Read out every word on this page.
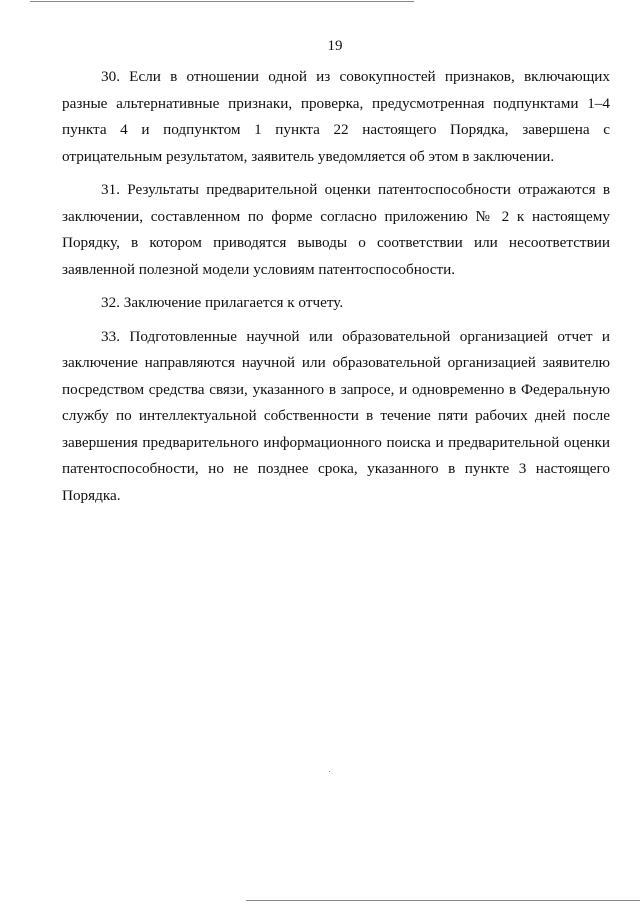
19

30. Если в отношении одной из совокупностей признаков, включающих разные альтернативные признаки, проверка, предусмотренная подпунктами 1–4 пункта 4 и подпунктом 1 пункта 22 настоящего Порядка, завершена с отрицательным результатом, заявитель уведомляется об этом в заключении.

31. Результаты предварительной оценки патентоспособности отражаются в заключении, составленном по форме согласно приложению № 2 к настоящему Порядку, в котором приводятся выводы о соответствии или несоответствии заявленной полезной модели условиям патентоспособности.

32. Заключение прилагается к отчету.

33. Подготовленные научной или образовательной организацией отчет и заключение направляются научной или образовательной организацией заявителю посредством средства связи, указанного в запросе, и одновременно в Федеральную службу по интеллектуальной собственности в течение пяти рабочих дней после завершения предварительного информационного поиска и предварительной оценки патентоспособности, но не позднее срока, указанного в пункте 3 настоящего Порядка.
